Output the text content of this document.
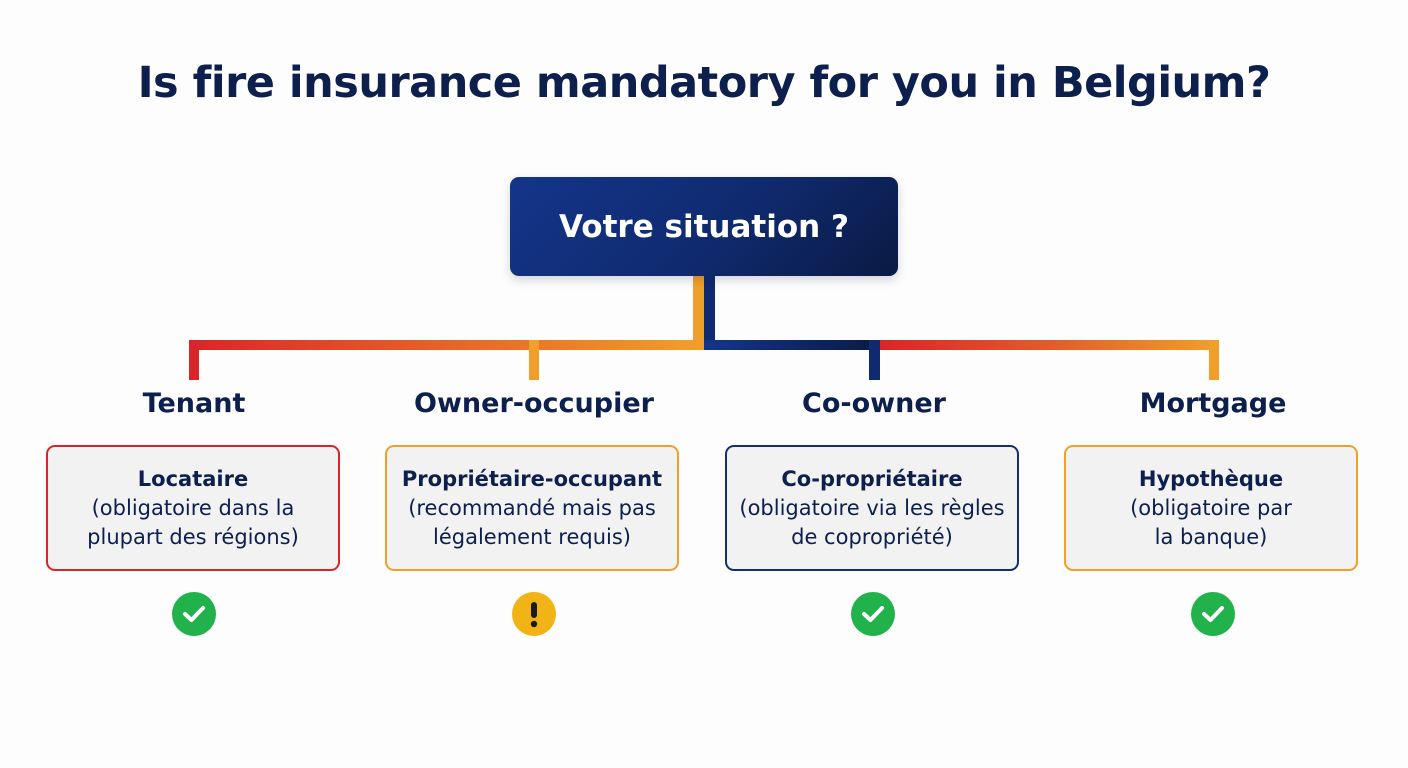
Is fire insurance mandatory for you in Belgium?
Votre situation ?
Tenant
Locataire
(obligatoire dans la plupart des régions)
Owner-occupier
Propriétaire-occupant
(recommandé mais pas légalement requis)
Co-owner
Co-propriétaire
(obligatoire via les règles de copropriété)
Mortgage
Hypothèque
(obligatoire par la banque)
